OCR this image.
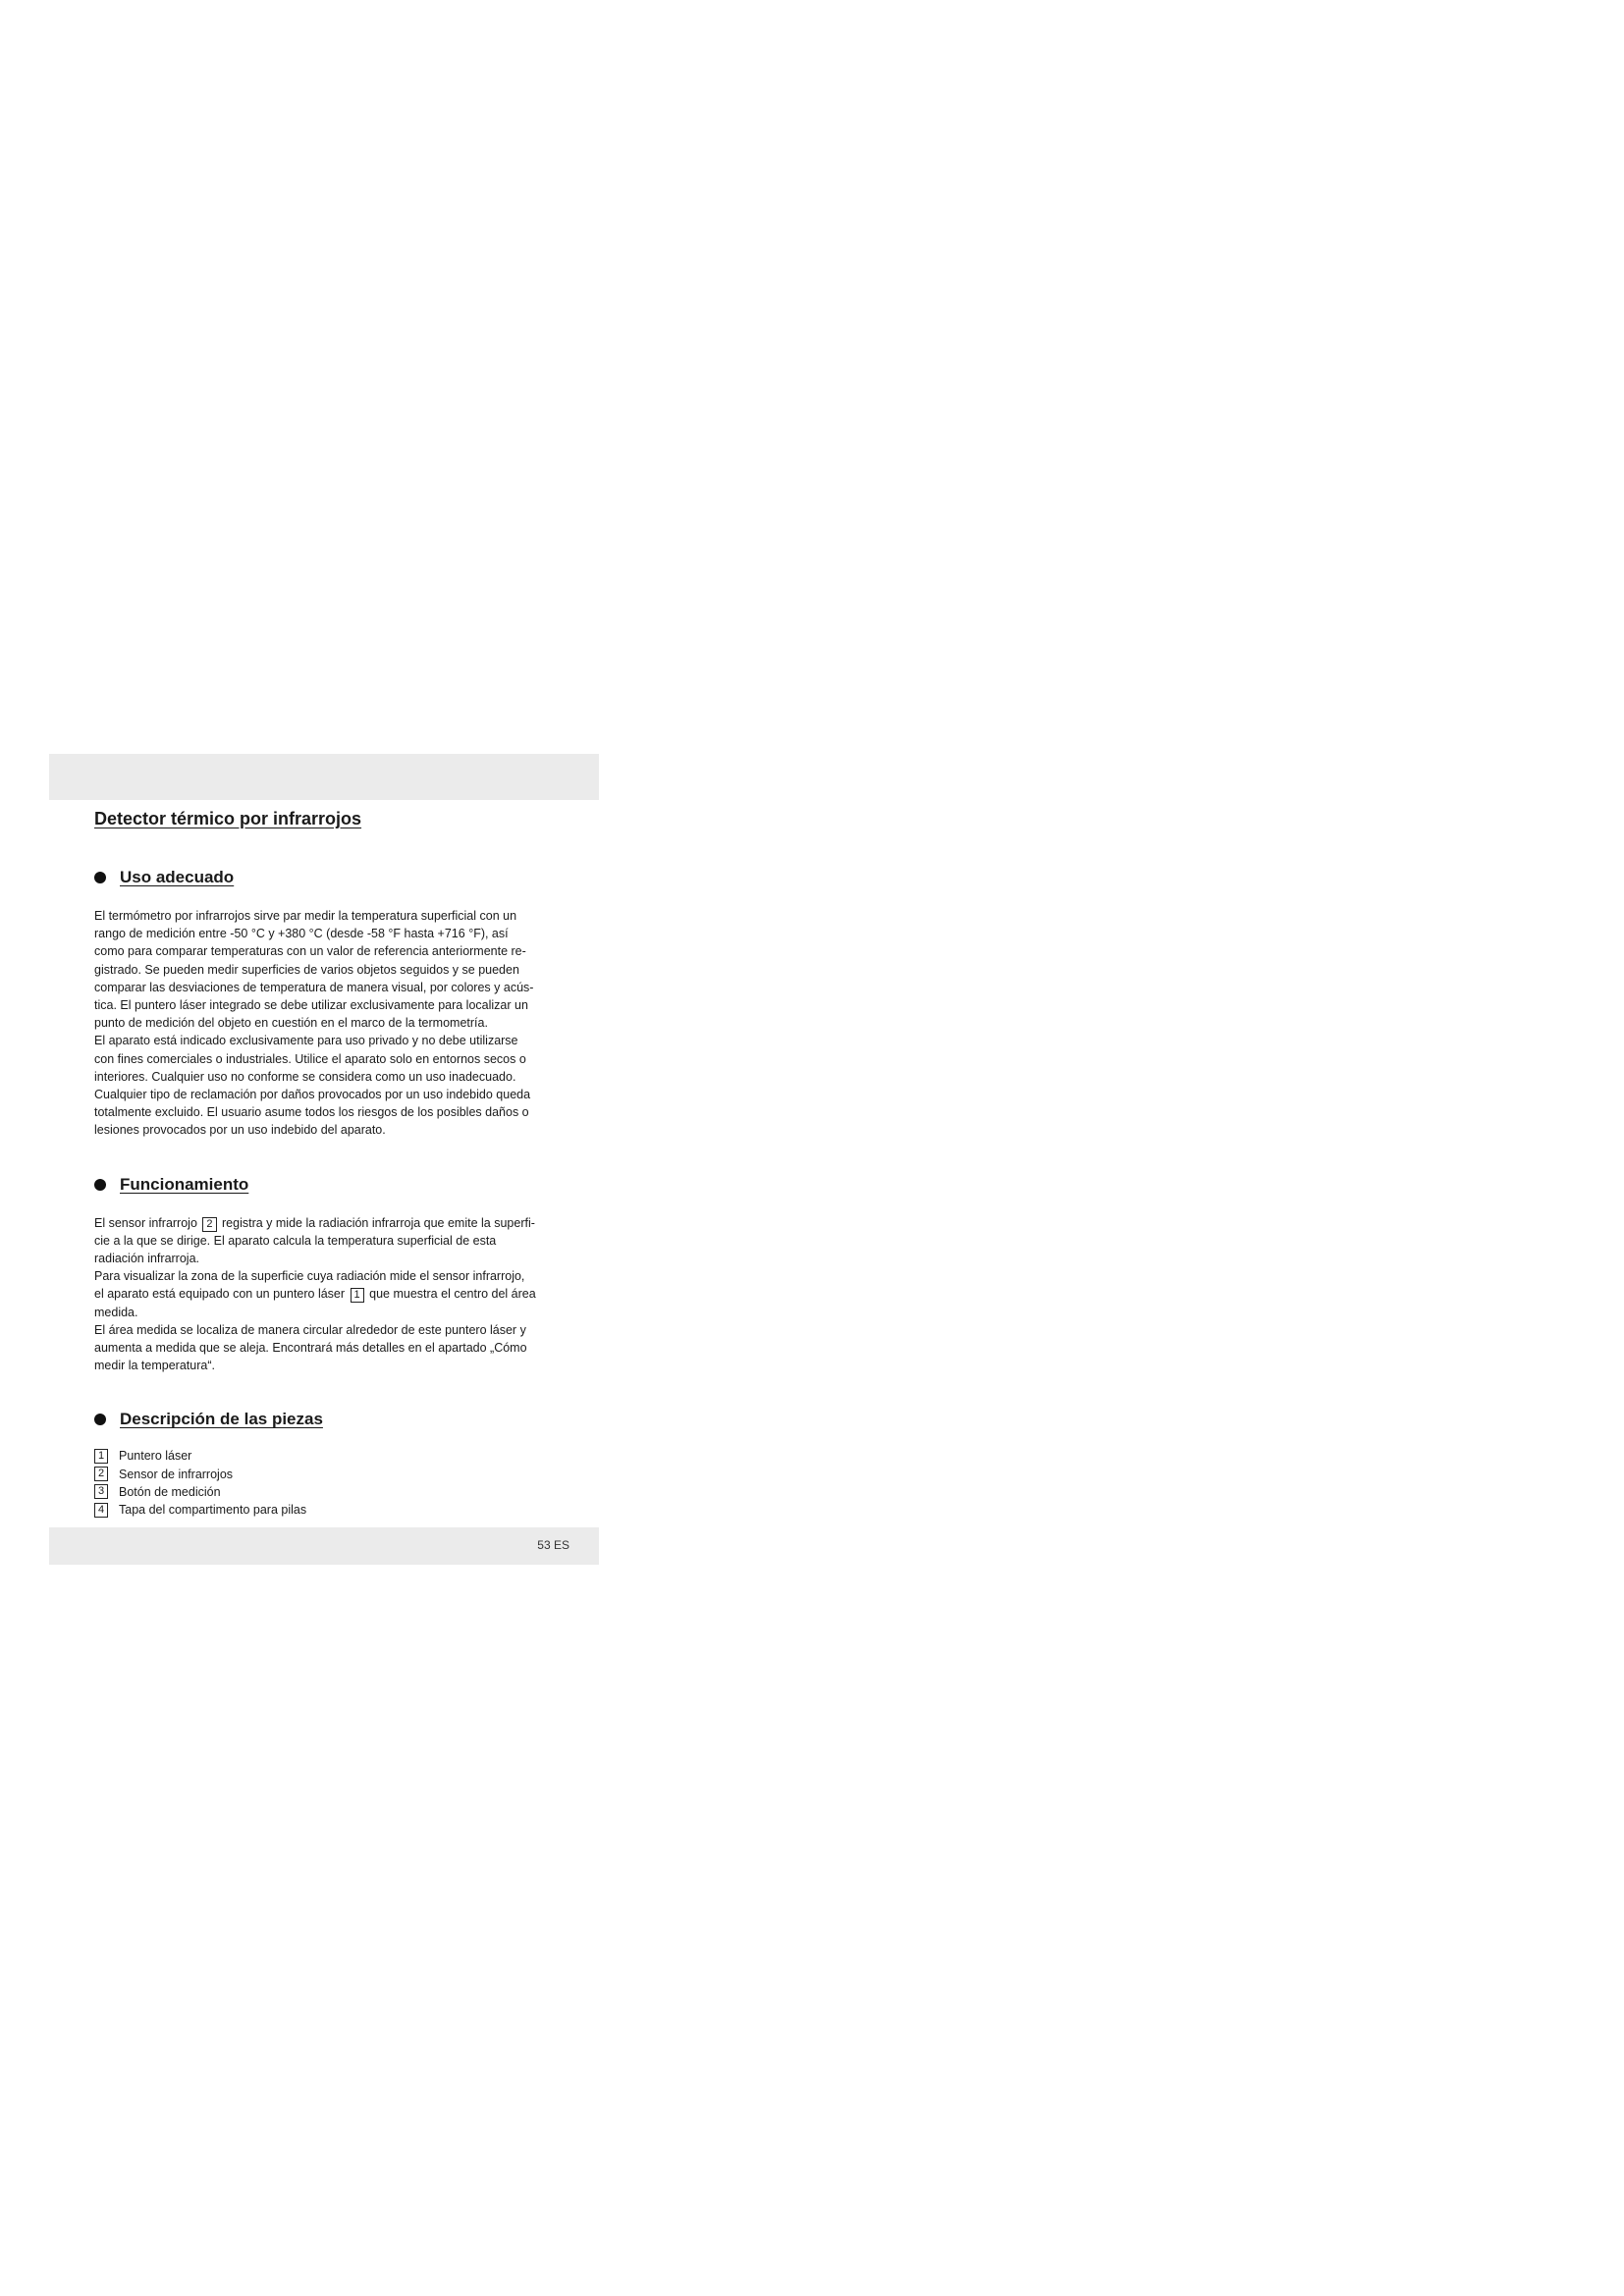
Detector térmico por infrarrojos
Uso adecuado
El termómetro por infrarrojos sirve par medir la temperatura superficial con un
rango de medición entre -50 °C y +380 °C (desde -58 °F hasta +716 °F), así
como para comparar temperaturas con un valor de referencia anteriormente re-
gistrado. Se pueden medir superficies de varios objetos seguidos y se pueden
comparar las desviaciones de temperatura de manera visual, por colores y acús-
tica. El puntero láser integrado se debe utilizar exclusivamente para localizar un
punto de medición del objeto en cuestión en el marco de la termometría.
El aparato está indicado exclusivamente para uso privado y no debe utilizarse
con fines comerciales o industriales. Utilice el aparato solo en entornos secos o
interiores. Cualquier uso no conforme se considera como un uso inadecuado.
Cualquier tipo de reclamación por daños provocados por un uso indebido queda
totalmente excluido. El usuario asume todos los riesgos de los posibles daños o
lesiones provocados por un uso indebido del aparato.
Funcionamiento
El sensor infrarrojo 2 registra y mide la radiación infrarroja que emite la superfi-
cie a la que se dirige. El aparato calcula la temperatura superficial de esta
radiación infrarroja.
Para visualizar la zona de la superficie cuya radiación mide el sensor infrarrojo,
el aparato está equipado con un puntero láser 1 que muestra el centro del área
medida.
El área medida se localiza de manera circular alrededor de este puntero láser y
aumenta a medida que se aleja. Encontrará más detalles en el apartado „Cómo
medir la temperatura“.
Descripción de las piezas
1	Puntero láser
2	Sensor de infrarrojos
3	Botón de medición
4	Tapa del compartimento para pilas
53 ES
